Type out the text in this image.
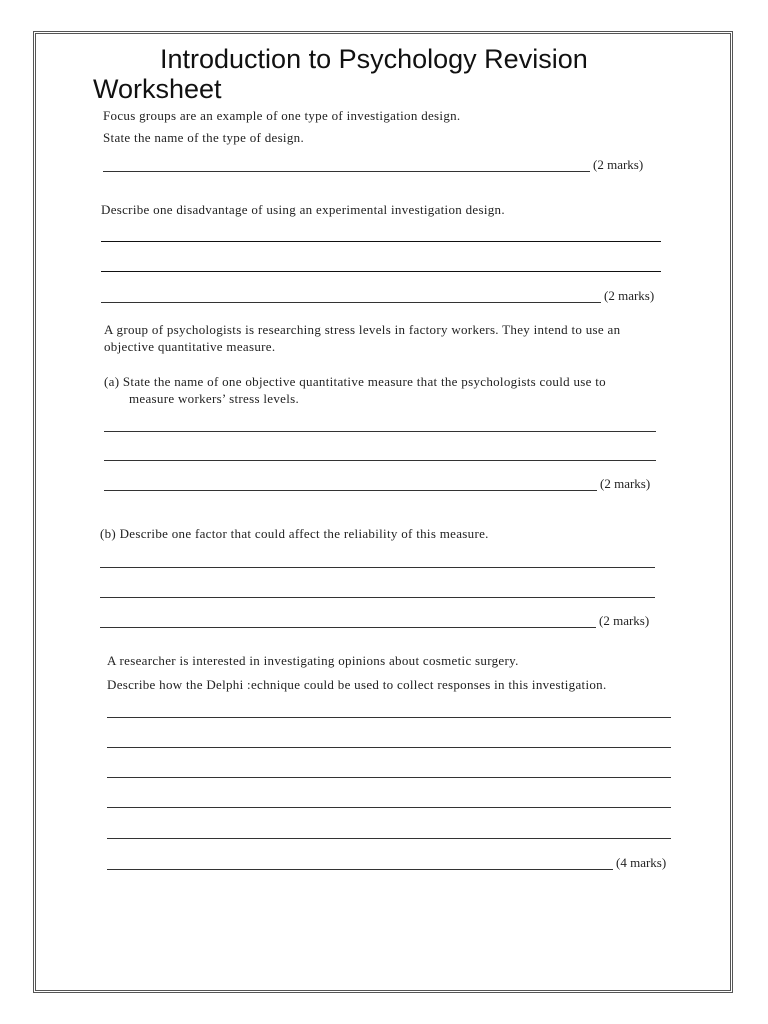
Introduction to Psychology Revision
Worksheet
Focus groups are an example of one type of investigation design.
State the name of the type of design.
(2 marks)
Describe one disadvantage of using an experimental investigation design.
(2 marks)
A group of psychologists is researching stress levels in factory workers. They intend to use an
objective quantitative measure.
(a) State the name of one objective quantitative measure that the psychologists could use to
measure workers’ stress levels.
(2 marks)
(b) Describe one factor that could affect the reliability of this measure.
(2 marks)
A researcher is interested in investigating opinions about cosmetic surgery.
Describe how the Delphi :echnique could be used to collect responses in this investigation.
(4 marks)
